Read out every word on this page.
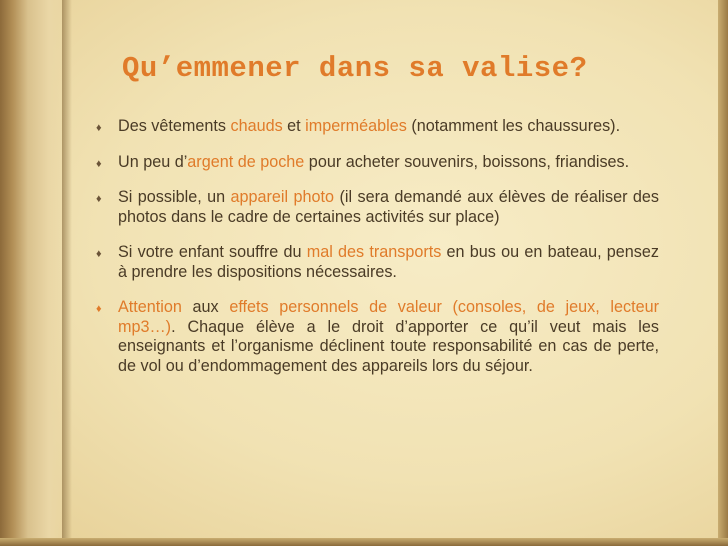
Qu’emmener dans sa valise?
♦ Des vêtements chauds et imperméables (notamment les chaussures).
♦ Un peu d’argent de poche pour acheter souvenirs, boissons, friandises.
♦ Si possible, un appareil photo (il sera demandé aux élèves de réaliser des photos dans le cadre de certaines activités sur place)
♦ Si votre enfant souffre du mal des transports en bus ou en bateau, pensez à prendre les dispositions nécessaires.
♦ Attention aux effets personnels de valeur (consoles, de jeux, lecteur mp3…). Chaque élève a le droit d’apporter ce qu’il veut mais les enseignants et l’organisme déclinent toute responsabilité en cas de perte, de vol ou d’endommagement des appareils lors du séjour.
